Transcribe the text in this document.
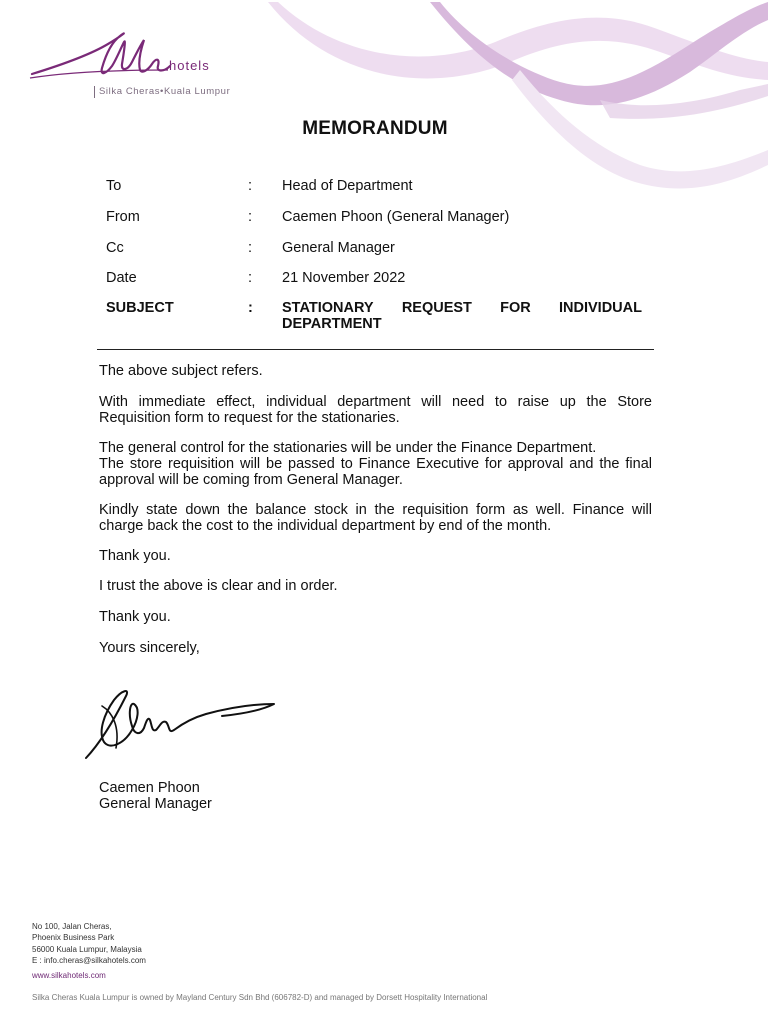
hotels
Silka Cheras•Kuala Lumpur
MEMORANDUM
To	: Head of Department
From	: Caemen Phoon (General Manager)
Cc	: General Manager
Date	: 21 November 2022
SUBJECT	: STATIONARY REQUEST FOR INDIVIDUAL
DEPARTMENT

The above subject refers.

With immediate effect, individual department will need to raise up the Store Requisition form to request for the stationaries.

The general control for the stationaries will be under the Finance Department.

The store requisition will be passed to Finance Executive for approval and the final approval will be coming from General Manager.

Kindly state down the balance stock in the requisition form as well. Finance will charge back the cost to the individual department by end of the month.

Thank you.

I trust the above is clear and in order.

Thank you.

Yours sincerely,

Caemen Phoon
General Manager
No 100, Jalan Cheras,
Phoenix Business Park
56000 Kuala Lumpur, Malaysia
E : info.cheras@silkahotels.com
www.silkahotels.com
Silka Cheras Kuala Lumpur is owned by Mayland Century Sdn Bhd (606782-D) and managed by Dorsett Hospitality International
